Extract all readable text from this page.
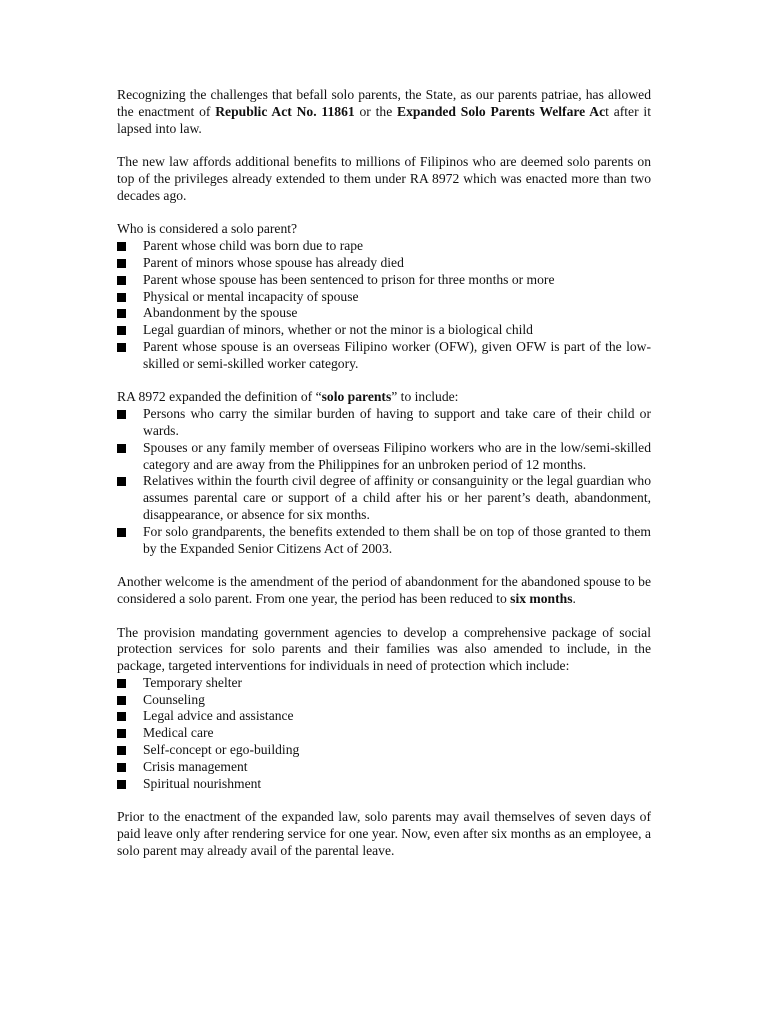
Recognizing the challenges that befall solo parents, the State, as our parents patriae, has allowed the enactment of Republic Act No. 11861 or the Expanded Solo Parents Welfare Act after it lapsed into law.

The new law affords additional benefits to millions of Filipinos who are deemed solo parents on top of the privileges already extended to them under RA 8972 which was enacted more than two decades ago.

Who is considered a solo parent?

Parent whose child was born due to rape
Parent of minors whose spouse has already died
Parent whose spouse has been sentenced to prison for three months or more
Physical or mental incapacity of spouse
Abandonment by the spouse
Legal guardian of minors, whether or not the minor is a biological child
Parent whose spouse is an overseas Filipino worker (OFW), given OFW is part of the low-skilled or semi-skilled worker category.

RA 8972 expanded the definition of “solo parents” to include:

Persons who carry the similar burden of having to support and take care of their child or wards.
Spouses or any family member of overseas Filipino workers who are in the low/semi-skilled category and are away from the Philippines for an unbroken period of 12 months.
Relatives within the fourth civil degree of affinity or consanguinity or the legal guardian who assumes parental care or support of a child after his or her parent’s death, abandonment, disappearance, or absence for six months.
For solo grandparents, the benefits extended to them shall be on top of those granted to them by the Expanded Senior Citizens Act of 2003.

Another welcome is the amendment of the period of abandonment for the abandoned spouse to be considered a solo parent. From one year, the period has been reduced to six months.

The provision mandating government agencies to develop a comprehensive package of social protection services for solo parents and their families was also amended to include, in the package, targeted interventions for individuals in need of protection which include:

Temporary shelter
Counseling
Legal advice and assistance
Medical care
Self-concept or ego-building
Crisis management
Spiritual nourishment

Prior to the enactment of the expanded law, solo parents may avail themselves of seven days of paid leave only after rendering service for one year. Now, even after six months as an employee, a solo parent may already avail of the parental leave.
